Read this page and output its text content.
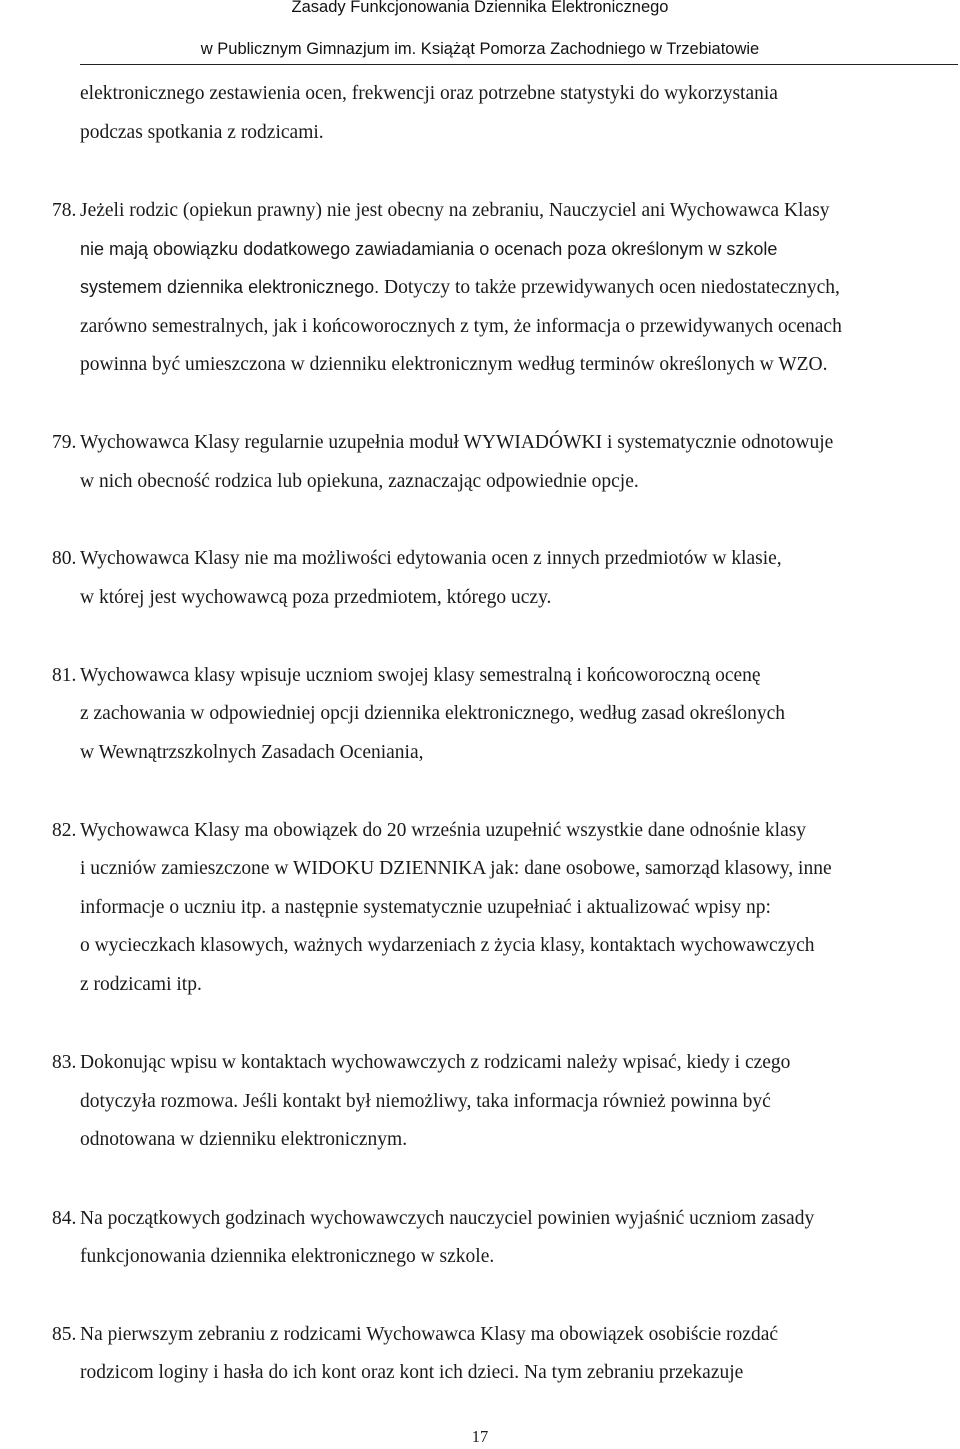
Zasady Funkcjonowania Dziennika Elektronicznego
w Publicznym Gimnazjum im. Książąt Pomorza Zachodniego w Trzebiatowie
elektronicznego zestawienia ocen, frekwencji oraz potrzebne statystyki do wykorzystania
podczas spotkania z rodzicami.
78. Jeżeli rodzic (opiekun prawny) nie jest obecny na zebraniu, Nauczyciel ani Wychowawca Klasy
nie mają obowiązku dodatkowego zawiadamiania o ocenach poza określonym w szkole
systemem dziennika elektronicznego. Dotyczy to także przewidywanych ocen niedostatecznych,
zarówno semestralnych, jak i końcoworocznych z tym, że informacja o przewidywanych ocenach
powinna być umieszczona w dzienniku elektronicznym według terminów określonych w WZO.
79. Wychowawca Klasy regularnie uzupełnia moduł WYWIADÓWKI i systematycznie odnotowuje
w nich obecność rodzica lub opiekuna, zaznaczając odpowiednie opcje.
80. Wychowawca Klasy nie ma możliwości edytowania ocen z innych przedmiotów w klasie,
w której jest wychowawcą poza przedmiotem, którego uczy.
81. Wychowawca klasy wpisuje uczniom swojej klasy semestralną i końcoworoczną ocenę
z zachowania w odpowiedniej opcji dziennika elektronicznego, według zasad określonych
w Wewnątrzszkolnych Zasadach Oceniania,
82. Wychowawca Klasy ma obowiązek do 20 września uzupełnić wszystkie dane odnośnie klasy
i uczniów zamieszczone w WIDOKU DZIENNIKA jak: dane osobowe, samorząd klasowy, inne
informacje o uczniu itp. a następnie systematycznie uzupełniać i aktualizować wpisy np:
o wycieczkach klasowych, ważnych wydarzeniach z życia klasy, kontaktach wychowawczych
z rodzicami itp.
83. Dokonując wpisu w kontaktach wychowawczych z rodzicami należy wpisać, kiedy i czego
dotyczyła rozmowa. Jeśli kontakt był niemożliwy, taka informacja również powinna być
odnotowana w dzienniku elektronicznym.
84. Na początkowych godzinach wychowawczych nauczyciel powinien wyjaśnić uczniom zasady
funkcjonowania dziennika elektronicznego w szkole.
85. Na pierwszym zebraniu z rodzicami Wychowawca Klasy ma obowiązek osobiście rozdać
rodzicom loginy i hasła do ich kont oraz kont ich dzieci. Na tym zebraniu przekazuje
17
